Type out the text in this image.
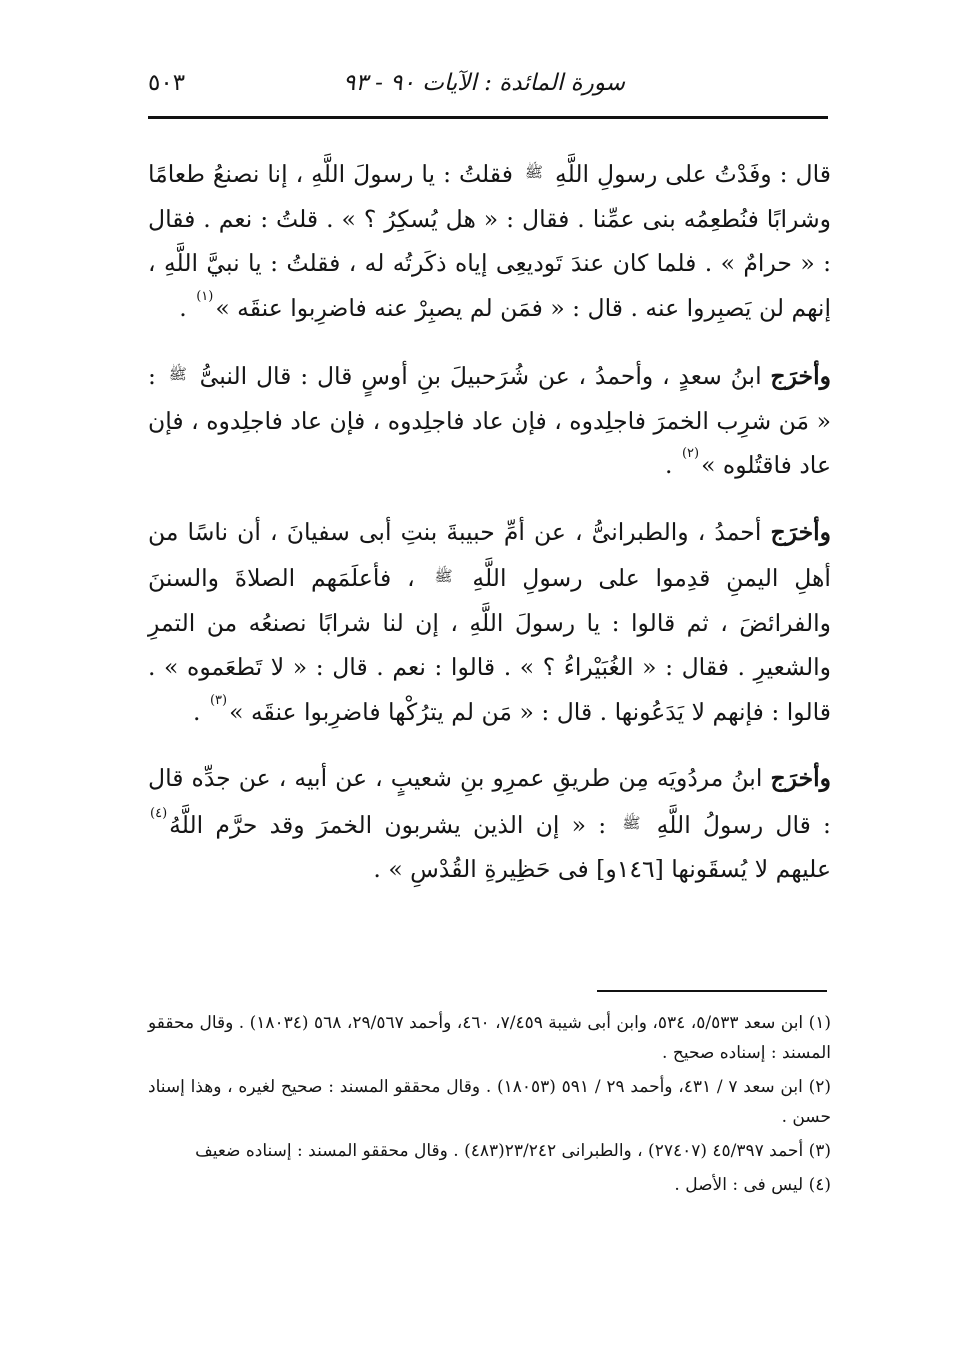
سورة المائدة : الآيات ٩٠ - ٩٣
٥٠٣

قال : وفَدْتُ على رسولِ اللَّهِ $^ﷺ$ فقلتُ : يا رسولَ اللَّهِ ، إنا نصنعُ طعامًا وشرابًا فنُطعِمُه بنى عمِّنا . فقال : « هل يُسكِرُ ؟ » . قلتُ : نعم . فقال : « حرامٌ » . فلما كان عندَ تَوديعِى إياه ذكَرتُه له ، فقلتُ : يا نبيَّ اللَّهِ ، إنهم لن يَصبِروا عنه . قال : « فمَن لم يصبِرْ عنه فاضرِبوا عنقَه »$^{(١)}$ .

وأخرَج ابنُ سعدٍ ، وأحمدُ ، عن شُرَحبيلَ بنِ أوسٍ قال : قال النبىُّ $^ﷺ$ : « مَن شرِب الخمرَ فاجلِدوه ، فإن عاد فاجلِدوه ، فإن عاد فاجلِدوه ، فإن عاد فاقتُلوه »$^{(٢)}$ .

وأخرَج أحمدُ ، والطبرانىُّ ، عن أمِّ حبيبةَ بنتِ أبى سفيانَ ، أن ناسًا من أهلِ اليمنِ قدِموا على رسولِ اللَّهِ $^ﷺ$ ، فأعلَمَهم الصلاةَ والسننَ والفرائضَ ، ثم قالوا : يا رسولَ اللَّهِ ، إن لنا شرابًا نصنعُه من التمرِ والشعيرِ . فقال : « الغُبَيْراءُ ؟ » . قالوا : نعم . قال : « لا تَطعَموه » . قالوا : فإنهم لا يَدَعُونها . قال : « مَن لم يترُكْها فاضرِبوا عنقَه »$^{(٣)}$ .

وأخرَج ابنُ مردُويَه مِن طريقِ عمرِو بنِ شعيبٍ ، عن أبيه ، عن جدِّه قال : قال رسولُ اللَّهِ $^ﷺ$ : « إن الذين يشربون الخمرَ وقد حرَّم اللَّهُ$^{(٤)}$ عليهم لا يُسقَونها [١٤٦و] فى حَظِيرةِ القُدْسِ » .

(١) ابن سعد ٥/٥٣٣، ٥٣٤، وابن أبى شيبة ٧/٤٥٩، ٤٦٠، وأحمد ٢٩/٥٦٧، ٥٦٨ (١٨٠٣٤) . وقال محققو المسند : إسناده صحيح .

(٢) ابن سعد ٧ / ٤٣١، وأحمد ٢٩ / ٥٩١ (١٨٠٥٣) . وقال محققو المسند : صحيح لغيره ، وهذا إسناد حسن .

(٣) أحمد ٤٥/٣٩٧ (٢٧٤٠٧) ، والطبرانى ٢٣/٢٤٢(٤٨٣) . وقال محققو المسند : إسناده ضعيف

(٤) ليس فى : الأصل .
